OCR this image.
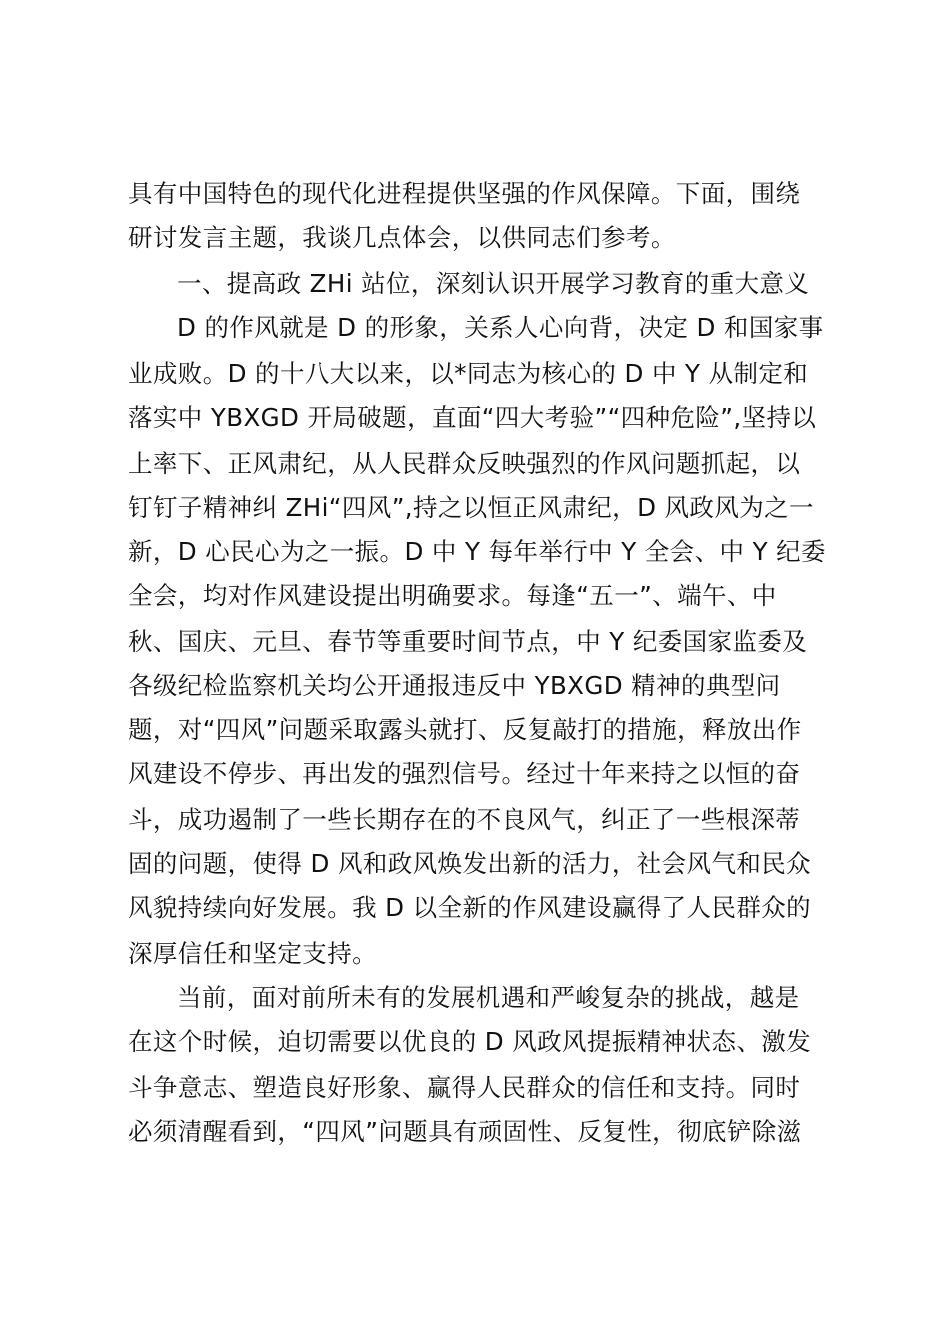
具有中国特色的现代化进程提供坚强的作风保障。下面，围绕
研讨发言主题，我谈几点体会，以供同志们参考。
一、提高政 ZHi 站位，深刻认识开展学习教育的重大意义
D 的作风就是 D 的形象，关系人心向背，决定 D 和国家事
业成败。D 的十八大以来，以*同志为核心的 D 中 Y 从制定和
落实中 YBXGD 开局破题，直面“四大考验”“四种危险”,坚持以
上率下、正风肃纪，从人民群众反映强烈的作风问题抓起，以
钉钉子精神纠 ZHi“四风”,持之以恒正风肃纪，D 风政风为之一
新，D 心民心为之一振。D 中 Y 每年举行中 Y 全会、中 Y 纪委
全会，均对作风建设提出明确要求。每逢“五一”、端午、中
秋、国庆、元旦、春节等重要时间节点，中 Y 纪委国家监委及
各级纪检监察机关均公开通报违反中 YBXGD 精神的典型问
题，对“四风”问题采取露头就打、反复敲打的措施，释放出作
风建设不停步、再出发的强烈信号。经过十年来持之以恒的奋
斗，成功遏制了一些长期存在的不良风气，纠正了一些根深蒂
固的问题，使得 D 风和政风焕发出新的活力，社会风气和民众
风貌持续向好发展。我 D 以全新的作风建设赢得了人民群众的
深厚信任和坚定支持。
当前，面对前所未有的发展机遇和严峻复杂的挑战，越是
在这个时候，迫切需要以优良的 D 风政风提振精神状态、激发
斗争意志、塑造良好形象、赢得人民群众的信任和支持。同时
必须清醒看到，“四风”问题具有顽固性、反复性，彻底铲除滋
